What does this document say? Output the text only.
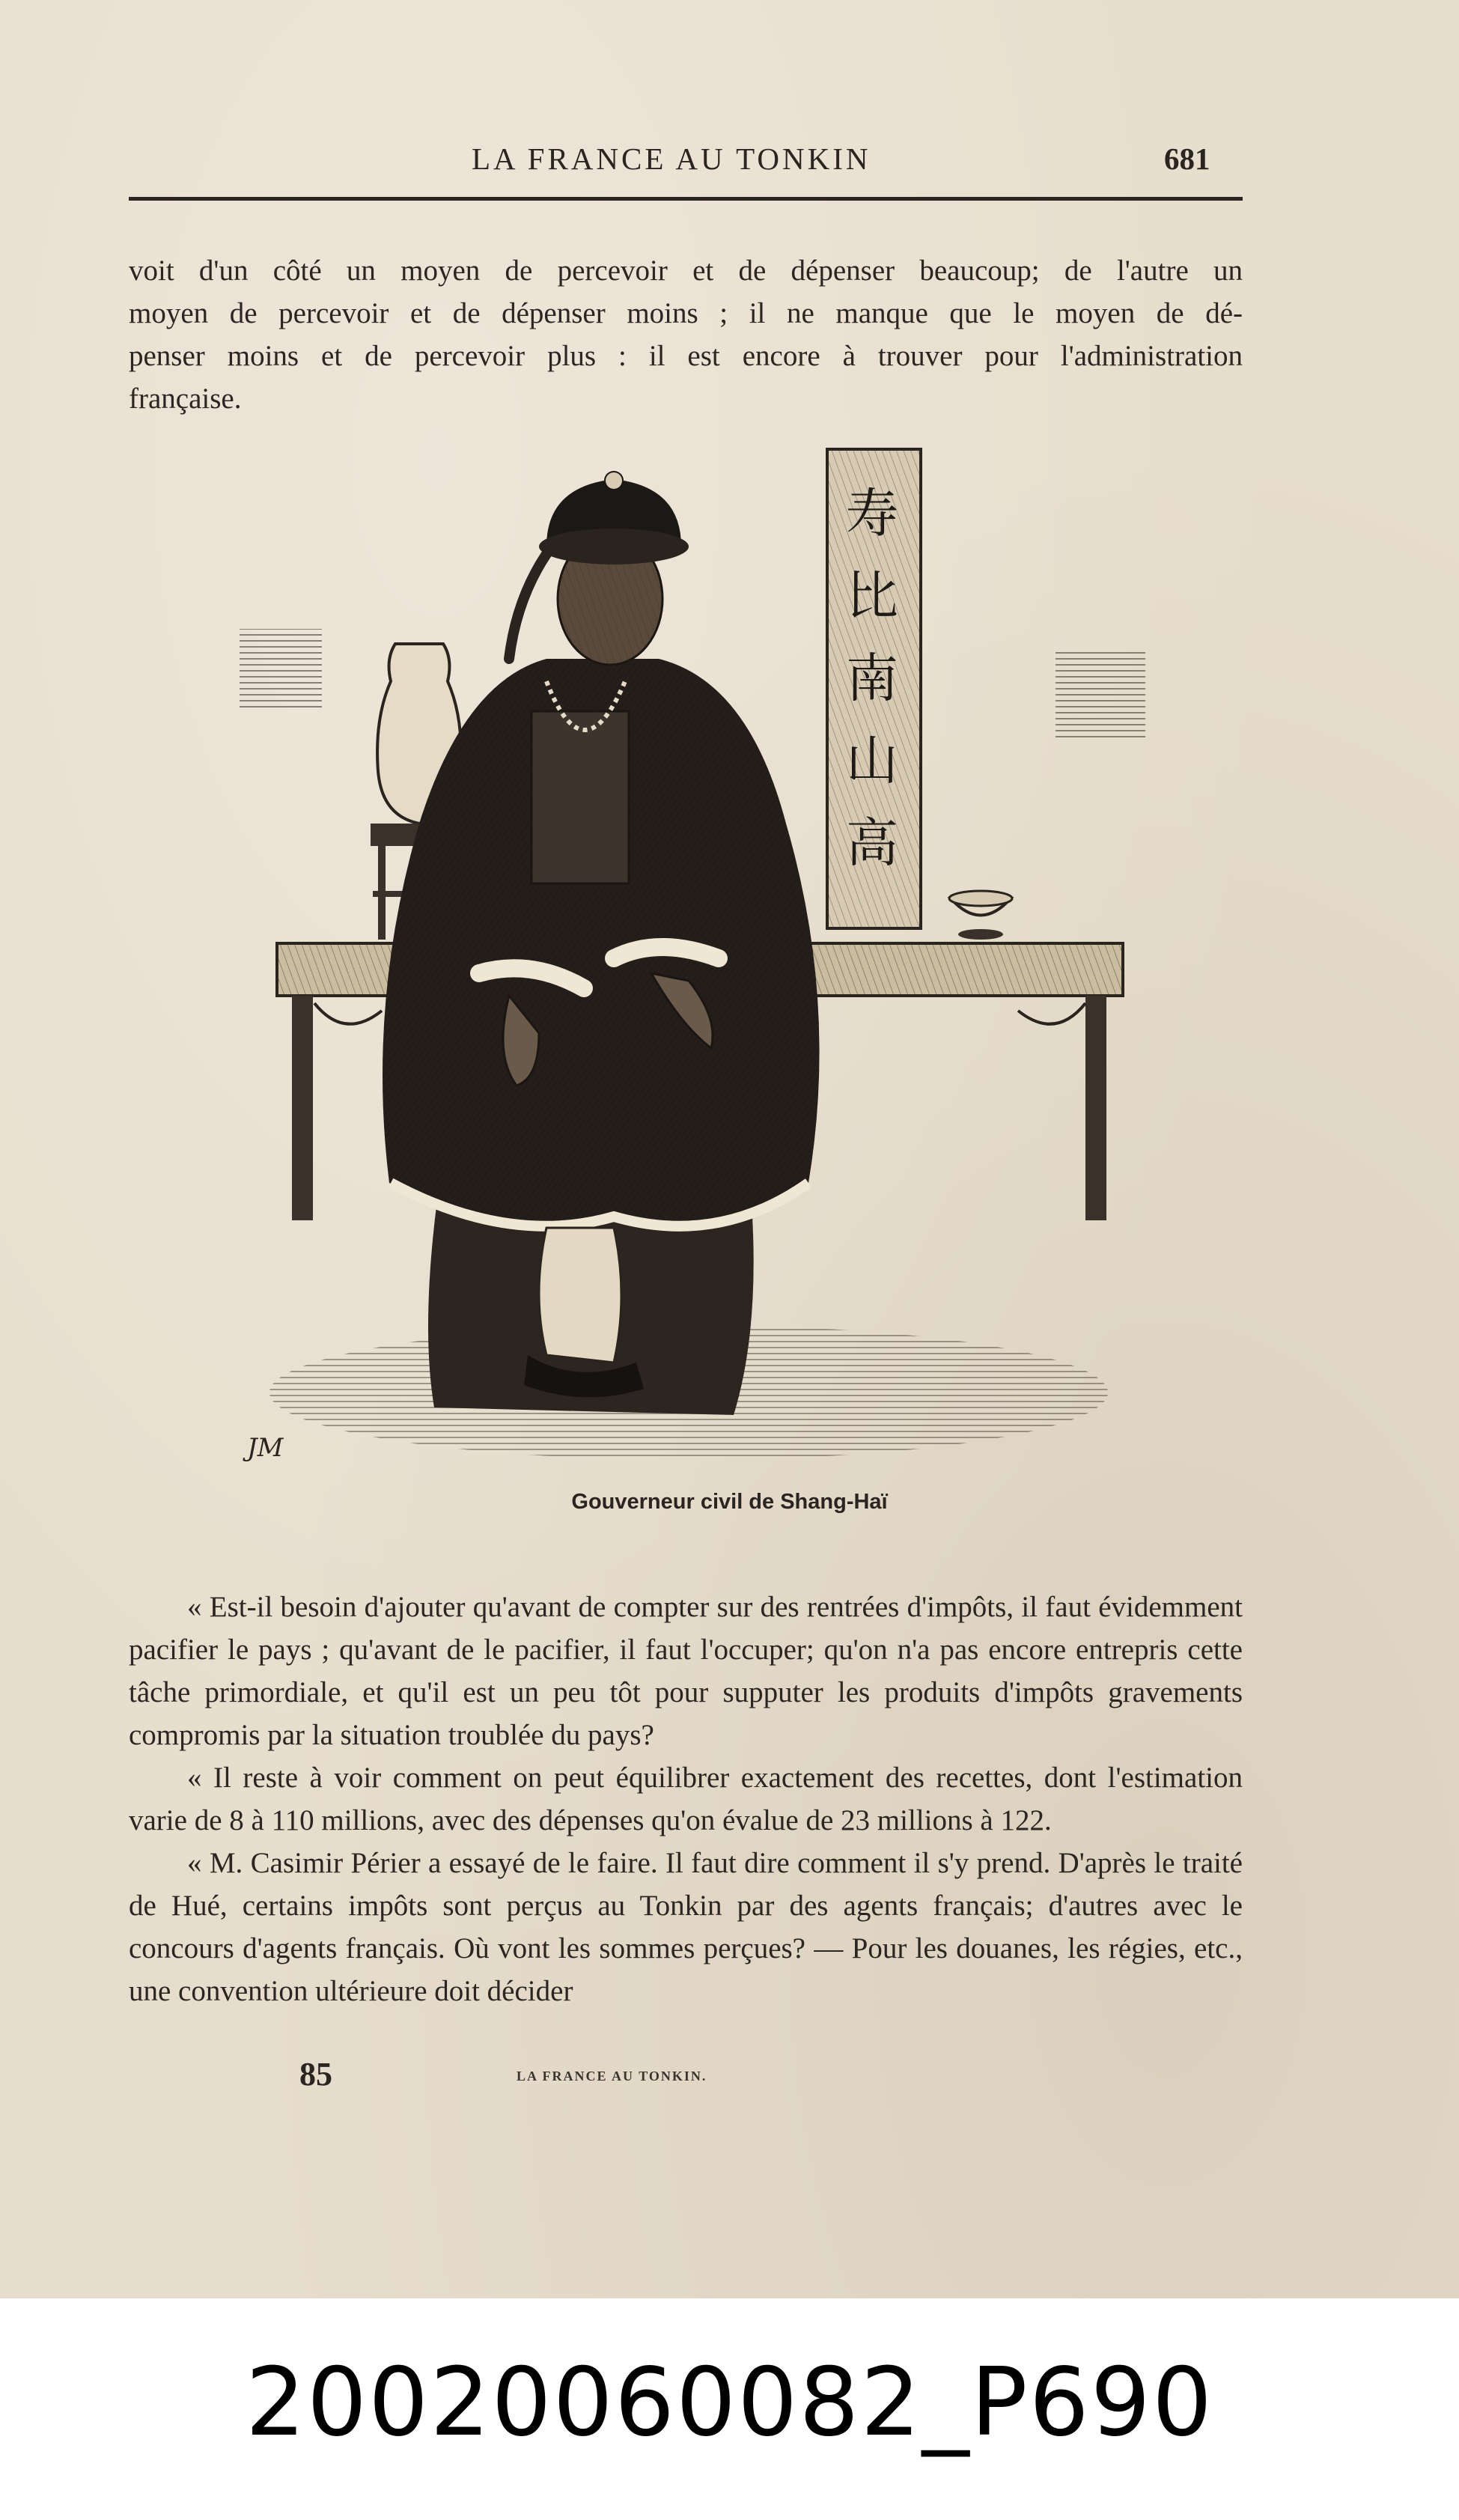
LA FRANCE AU TONKIN	681
voit d'un côté un moyen de percevoir et de dépenser beaucoup; de l'autre un
moyen de percevoir et de dépenser moins ; il ne manque que le moyen de dé-
penser moins et de percevoir plus : il est encore à trouver pour l'administration
française.
寿
比
南
山
高
JM
Gouverneur civil de Shang-Haï

« Est-il besoin d'ajouter qu'avant de compter sur des rentrées d'impôts, il faut évidemment pacifier le pays ; qu'avant de le pacifier, il faut l'occuper; qu'on n'a pas encore entrepris cette tâche primordiale, et qu'il est un peu tôt pour supputer les produits d'impôts gravements compromis par la situation troublée du pays?

« Il reste à voir comment on peut équilibrer exactement des recettes, dont l'estimation varie de 8 à 110 millions, avec des dépenses qu'on évalue de 23 millions à 122.

« M. Casimir Périer a essayé de le faire. Il faut dire comment il s'y prend. D'après le traité de Hué, certains impôts sont perçus au Tonkin par des agents français; d'autres avec le concours d'agents français. Où vont les sommes perçues? — Pour les douanes, les régies, etc., une convention ultérieure doit décider

85	LA FRANCE AU TONKIN.
20020060082_P690
